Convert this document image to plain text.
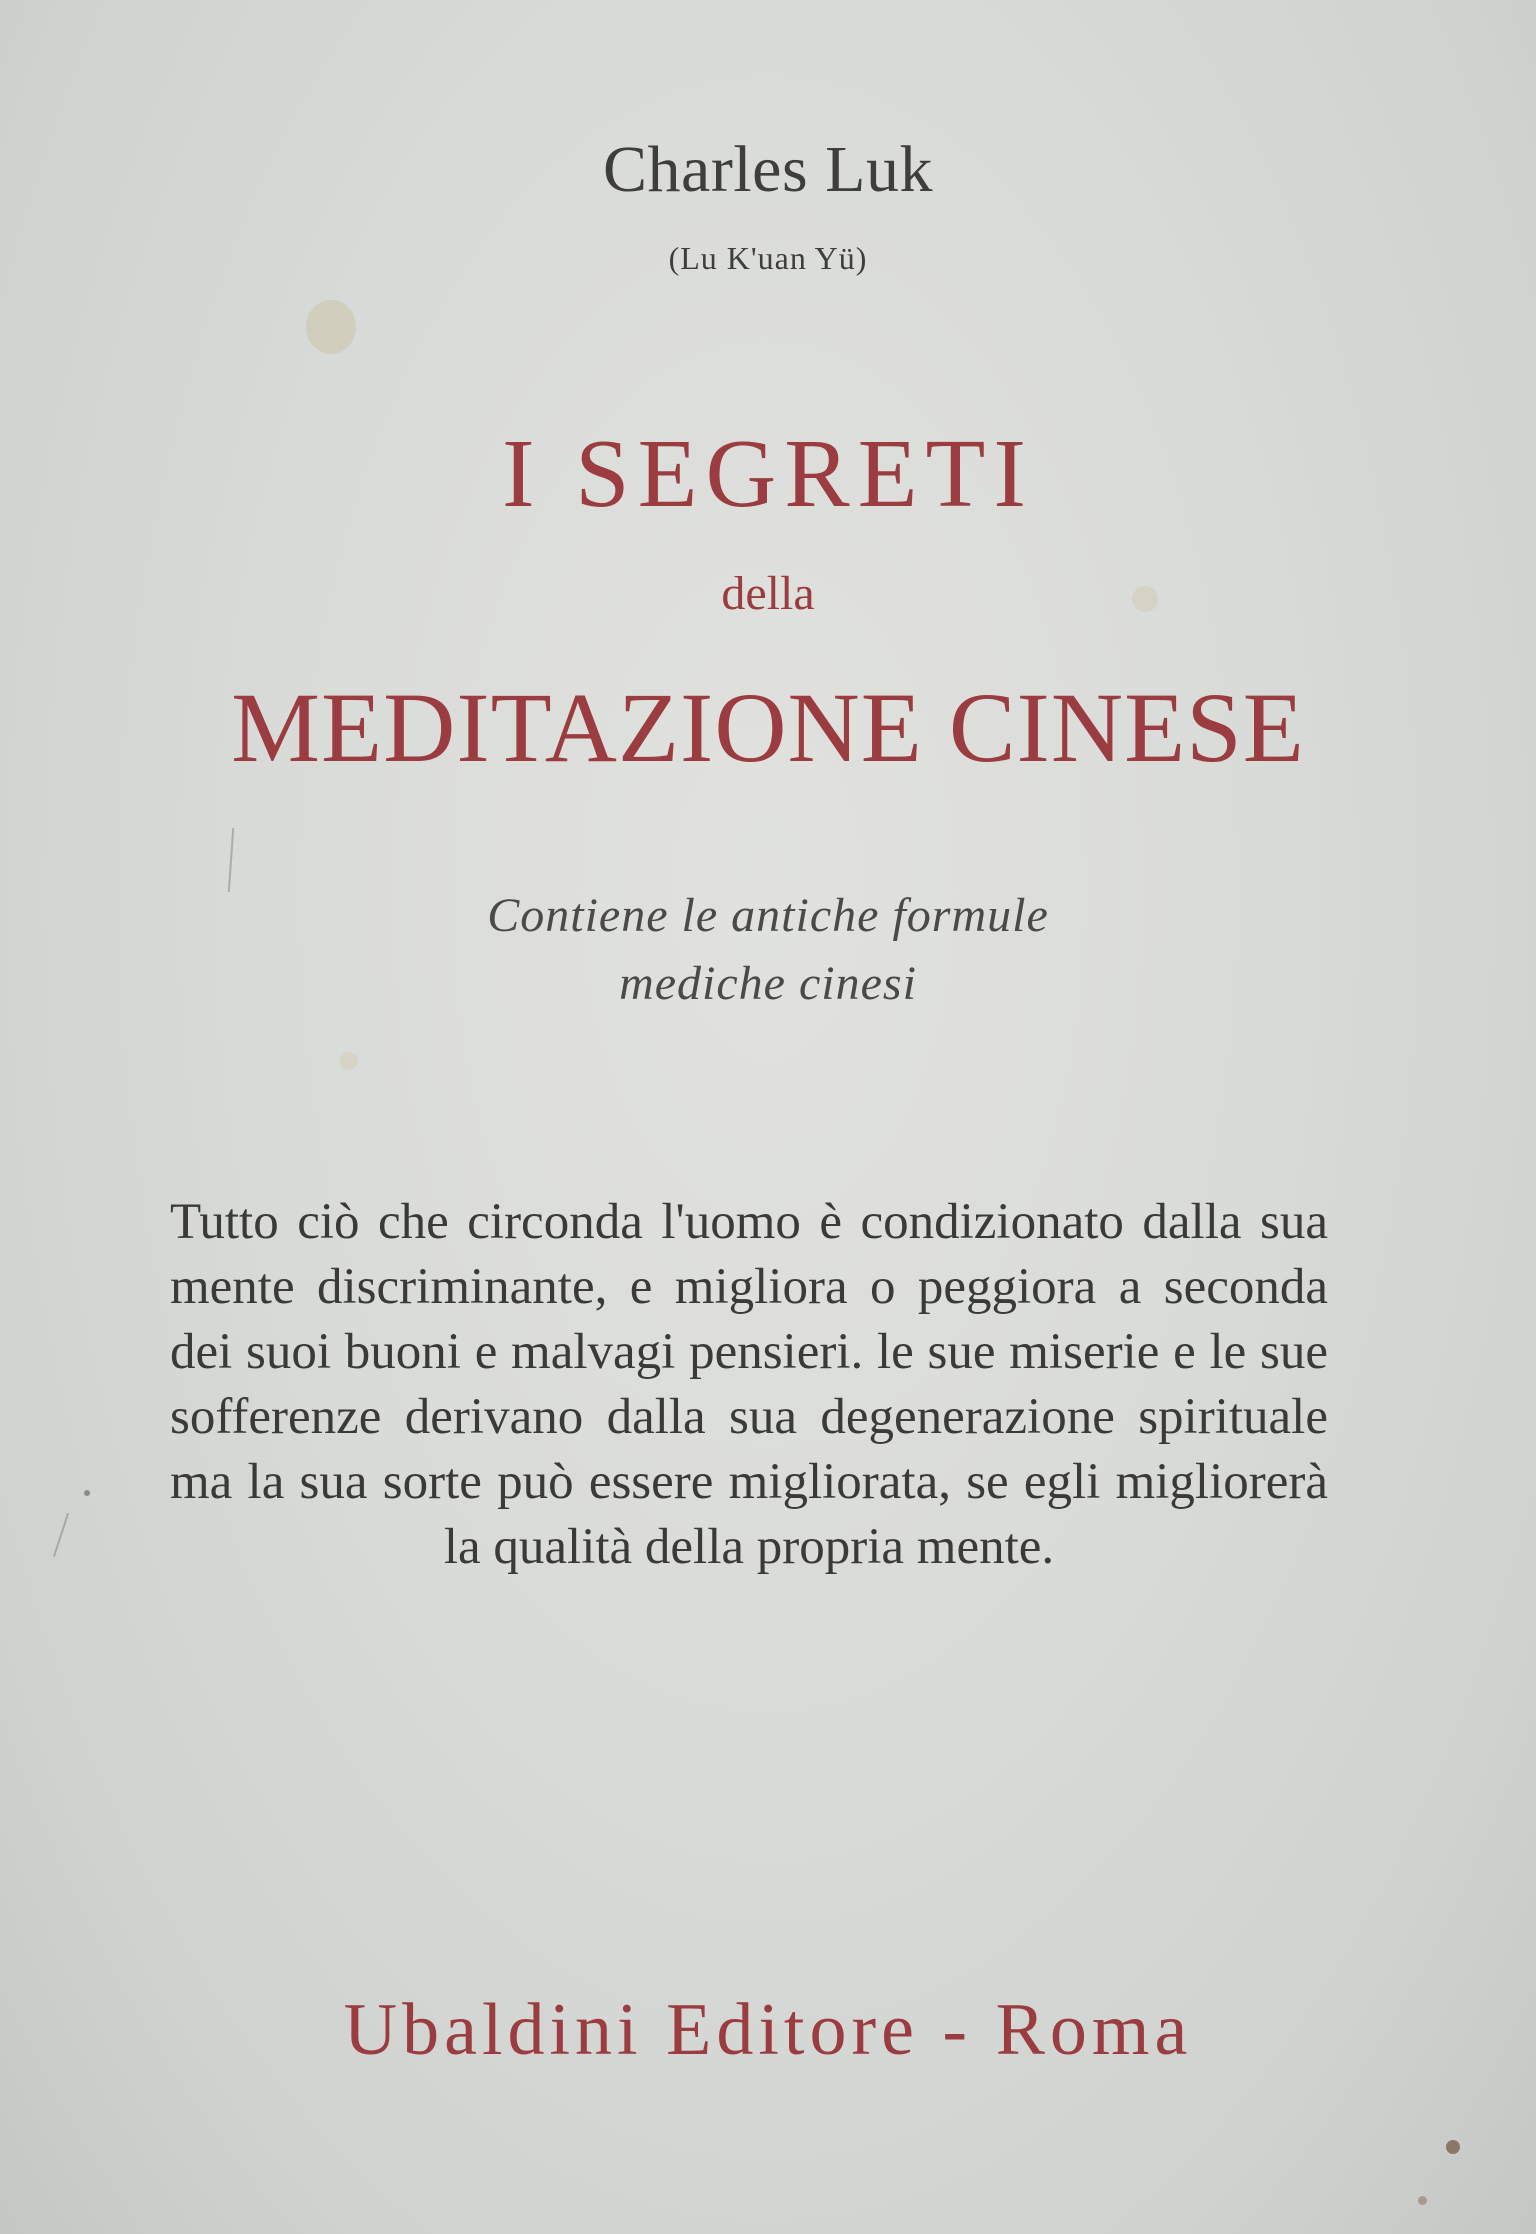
Charles Luk
(Lu K'uan Yü)
I SEGRETI
della
MEDITAZIONE CINESE
Contiene le antiche formule
mediche cinesi

Tutto ciò che circonda l'uomo è condizionato dalla sua mente discriminante, e migliora o peggiora a seconda dei suoi buoni e malvagi pensieri. le sue miserie e le sue sofferenze derivano dalla sua degenerazione spirituale ma la sua sorte può essere migliorata, se egli migliorerà la qualità della propria mente.

Ubaldini Editore - Roma
